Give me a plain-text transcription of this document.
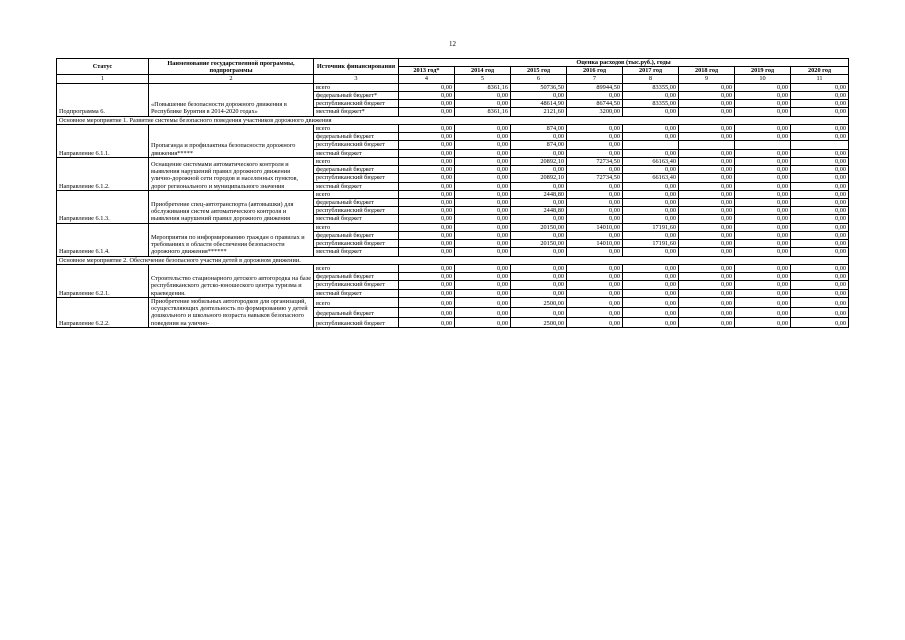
12
Статус	Наименование государственной программы, подпрограммы	Источник финансирования	Оценка расходов (тыс.руб.), годы							
			2013 год*	2014 год	2015 год	2016 год	2017 год	2018 год	2019 год	2020 год
1	2	3	4	5	6	7	8	9	10	11
Подпрограмма 6.	«Повышение безопасности дорожного движения в Республике Бурятия в 2014-2020 годах»	всего	0,00	8361,16	50736,50	89944,50	83355,00	0,00	0,00	0,00
		федеральный бюджет*	0,00	0,00	0,00	0,00	0,00	0,00	0,00	0,00
		республиканский бюджет	0,00	0,00	48614,90	86744,50	83355,00	0,00	0,00	0,00
		местный бюджет*	0,00	8361,16	2121,60	3200,00	0,00	0,00	0,00	0,00
Основное мероприятие 1. Развитие системы безопасного поведения участников дорожного движения										
Направление 6.1.1.	Пропаганда и профилактика безопасности дорожного движения*****	всего	0,00	0,00	874,00	0,00	0,00	0,00	0,00	0,00
		федеральный бюджет	0,00	0,00	0,00	0,00	0,00	0,00	0,00	0,00
		республиканский бюджет	0,00	0,00	874,00	0,00				
		местный бюджет	0,00	0,00	0,00	0,00	0,00	0,00	0,00	0,00
Направление 6.1.2.	Оснащение системами автоматического контроля и выявления нарушений правил дорожного движения улично-дорожной сети городов и населенных пунктов, дорог регионального и муниципального значения	всего	0,00	0,00	20892,10	72734,50	66163,40	0,00	0,00	0,00
		федеральный бюджет	0,00	0,00	0,00	0,00	0,00	0,00	0,00	0,00
		республиканский бюджет	0,00	0,00	20892,10	72734,50	66163,40	0,00	0,00	0,00
		местный бюджет	0,00	0,00	0,00	0,00	0,00	0,00	0,00	0,00
Направление 6.1.3.	Приобретение спец-автотранспорта (автовышки) для обслуживания систем автоматического контроля и выявления нарушений правил дорожного движения	всего	0,00	0,00	2448,80	0,00	0,00	0,00	0,00	0,00
		федеральный бюджет	0,00	0,00	0,00	0,00	0,00	0,00	0,00	0,00
		республиканский бюджет	0,00	0,00	2448,80	0,00	0,00	0,00	0,00	0,00
		местный бюджет	0,00	0,00	0,00	0,00	0,00	0,00	0,00	0,00
Направление 6.1.4.	Мероприятия по информированию граждан о правилах и требованиях в области обеспечения безопасности дорожного движения******	всего	0,00	0,00	20150,00	14010,00	17191,60	0,00	0,00	0,00
		федеральный бюджет	0,00	0,00	0,00	0,00	0,00	0,00	0,00	0,00
		республиканский бюджет	0,00	0,00	20150,00	14010,00	17191,60	0,00	0,00	0,00
		местный бюджет	0,00	0,00	0,00	0,00	0,00	0,00	0,00	0,00
Основное мероприятие 2. Обеспечение безопасного участия детей в дорожном движении.										
Направление 6.2.1.	Строительство стационарного детского автогородка на базе республиканского детско-юношеского центра туризма и краеведения.	всего	0,00	0,00	0,00	0,00	0,00	0,00	0,00	0,00
		федеральный бюджет	0,00	0,00	0,00	0,00	0,00	0,00	0,00	0,00
		республиканский бюджет	0,00	0,00	0,00	0,00	0,00	0,00	0,00	0,00
		местный бюджет	0,00	0,00	0,00	0,00	0,00	0,00	0,00	0,00
Направление 6.2.2.	Приобретение мобильных автогородков для организаций, осуществляющих деятельность по формированию у детей дошкольного и школьного возраста навыков безопасного поведения на улично-	всего	0,00	0,00	2500,00	0,00	0,00	0,00	0,00	0,00
		федеральный бюджет	0,00	0,00	0,00	0,00	0,00	0,00	0,00	0,00
		республиканский бюджет	0,00	0,00	2500,00	0,00	0,00	0,00	0,00	0,00
